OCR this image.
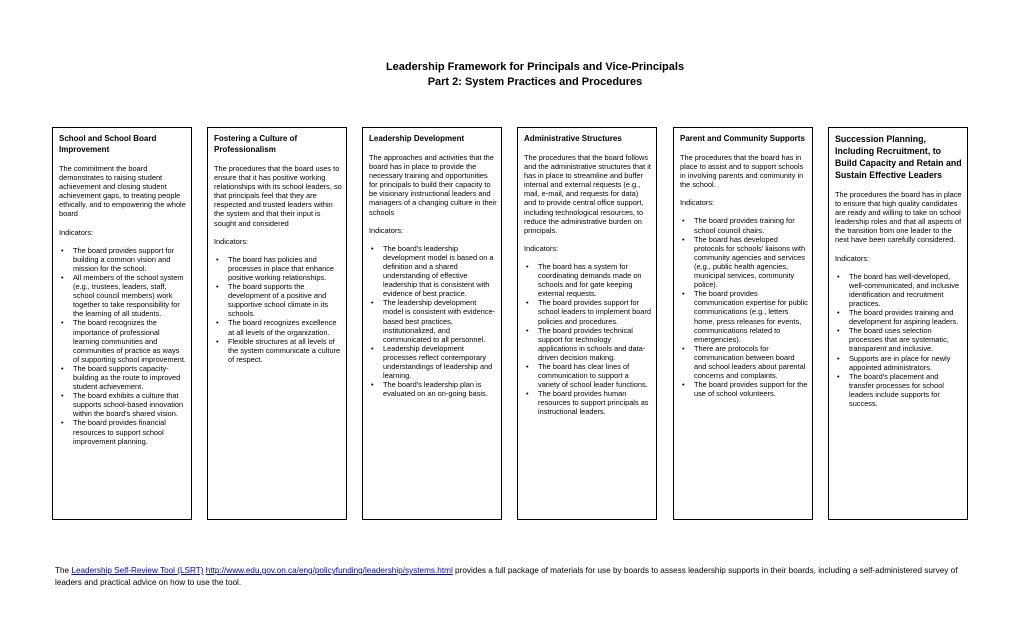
Leadership Framework for Principals and Vice-Principals
Part 2: System Practices and Procedures
School and School Board Improvement

The commitment the board demonstrates to raising student achievement and closing student achievement gaps, to treating people ethically, and to empowering the whole board

Indicators:

• The board provides support for building a common vision and mission for the school.
• All members of the school system (e.g., trustees, leaders, staff, school council members) work together to take responsibility for the learning of all students.
• The board recognizes the importance of professional learning communities and communities of practice as ways of supporting school improvement.
• The board supports capacity-building as the route to improved student achievement.
• The board exhibits a culture that supports school-based innovation within the board's shared vision.
• The board provides financial resources to support school improvement planning.
Fostering a Culture of Professionalism

The procedures that the board uses to ensure that it has positive working relationships with its school leaders, so that principals feel that they are respected and trusted leaders within the system and that their input is sought and considered

Indicators:

• The board has policies and processes in place that enhance positive working relationships.
• The board supports the development of a positive and supportive school climate in its schools.
• The board recognizes excellence at all levels of the organization.
• Flexible structures at all levels of the system communicate a culture of respect.
Leadership Development

The approaches and activities that the board has in place to provide the necessary training and opportunities for principals to build their capacity to be visionary instructional leaders and managers of a changing culture in their schools

Indicators:

• The board's leadership development model is based on a definition and a shared understanding of effective leadership that is consistent with evidence of best practice.
• The leadership development model is consistent with evidence-based best practices, institutionalized, and communicated to all personnel.
• Leadership development processes reflect contemporary understandings of leadership and learning.
• The board's leadership plan is evaluated on an on-going basis.
Administrative Structures

The procedures that the board follows and the administrative structures that it has in place to streamline and buffer internal and external requests (e.g., mail, e-mail, and requests for data) and to provide central office support, including technological resources, to reduce the administrative burden on principals.

Indicators:

• The board has a system for coordinating demands made on schools and for gate keeping external requests.
• The board provides support for school leaders to implement board policies and procedures.
• The board provides technical support for technology applications in schools and data-driven decision making.
• The board has clear lines of communication to support a variety of school leader functions.
• The board provides human resources to support principals as instructional leaders.
Parent and Community Supports

The procedures that the board has in place to assist and to support schools in involving parents and community in the school.

Indicators:

• The board provides training for school council chairs.
• The board has developed protocols for schools' liaisons with community agencies and services (e.g., public health agencies, municipal services, community police).
• The board provides communication expertise for public communications (e.g., letters home, press releases for events, communications related to emergencies).
• There are protocols for communication between board and school leaders about parental concerns and complaints.
• The board provides support for the use of school volunteers.
Succession Planning, Including Recruitment, to Build Capacity and Retain and Sustain Effective Leaders

The procedures the board has in place to ensure that high quality candidates are ready and willing to take on school leadership roles and that all aspects of the transition from one leader to the next have been carefully considered.

Indicators:

• The board has well-developed, well-communicated, and inclusive identification and recruitment practices.
• The board provides training and development for aspiring leaders.
• The board uses selection processes that are systematic, transparent and inclusive.
• Supports are in place for newly appointed administrators.
• The board's placement and transfer processes for school leaders include supports for success.
The Leadership Self-Review Tool (LSRT) http://www.edu.gov.on.ca/eng/policyfunding/leadership/systems.html provides a full package of materials for use by boards to assess leadership supports in their boards, including a self-administered survey of leaders and practical advice on how to use the tool.
